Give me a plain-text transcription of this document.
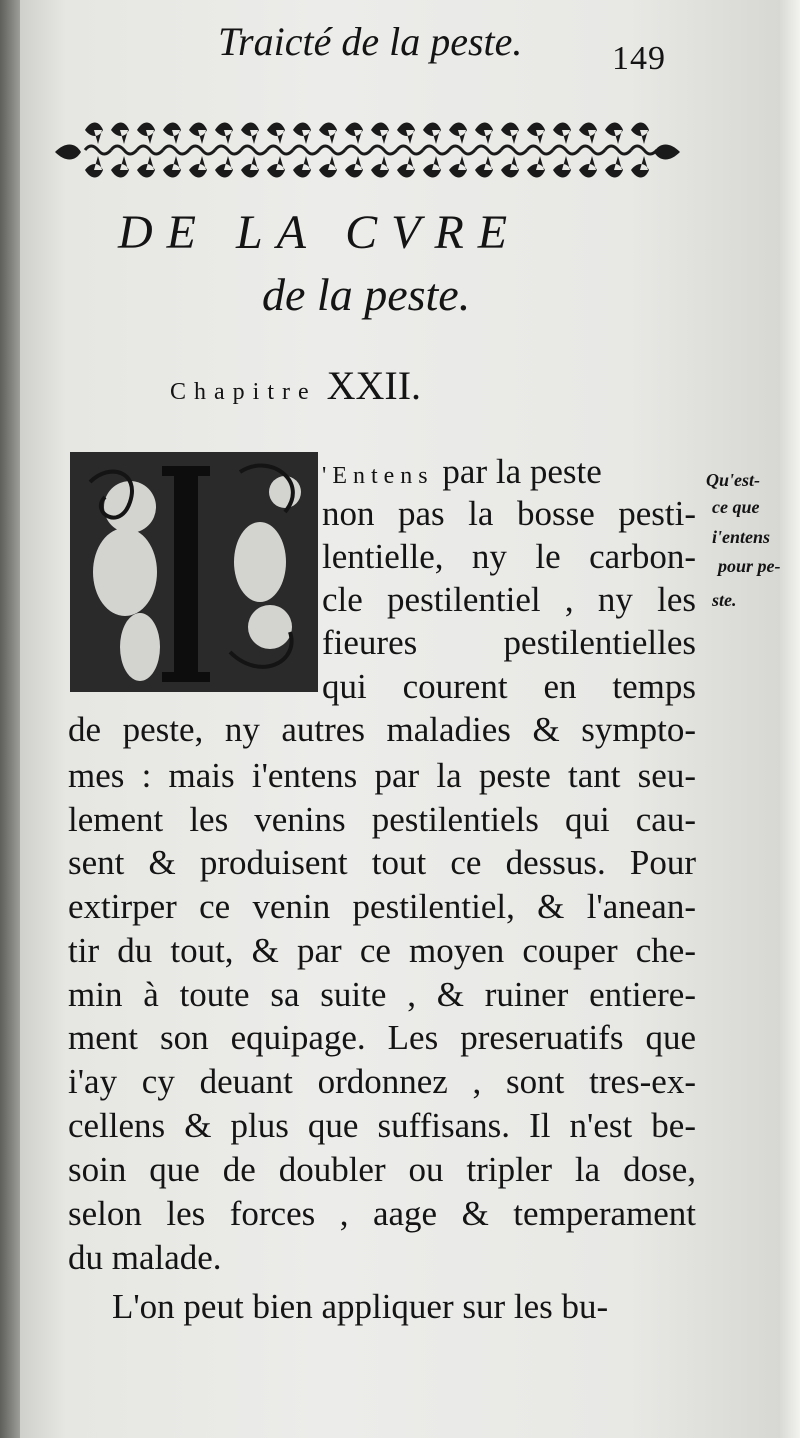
Traicté de la peste.	149
DE LA CVRE
de la peste.
Chapitre XXII.
I
'Entens par la peste
non pas la bosse pesti-
lentielle, ny le carbon-
cle pestilentiel , ny les
fieures pestilentielles
qui courent en temps
de peste, ny autres maladies & sympto-
mes : mais i'entens par la peste tant seu-
lement les venins pestilentiels qui cau-
sent & produisent tout ce dessus. Pour
extirper ce venin pestilentiel, & l'anean-
tir du tout, & par ce moyen couper che-
min à toute sa suite , & ruiner entiere-
ment son equipage. Les preseruatifs que
i'ay cy deuant ordonnez , sont tres-ex-
cellens & plus que suffisans. Il n'est be-
soin que de doubler ou tripler la dose,
selon les forces , aage & temperament
du malade.
L'on peut bien appliquer sur les bu-
Qu'est-
ce que
i'entens
pour pe-
ste.
